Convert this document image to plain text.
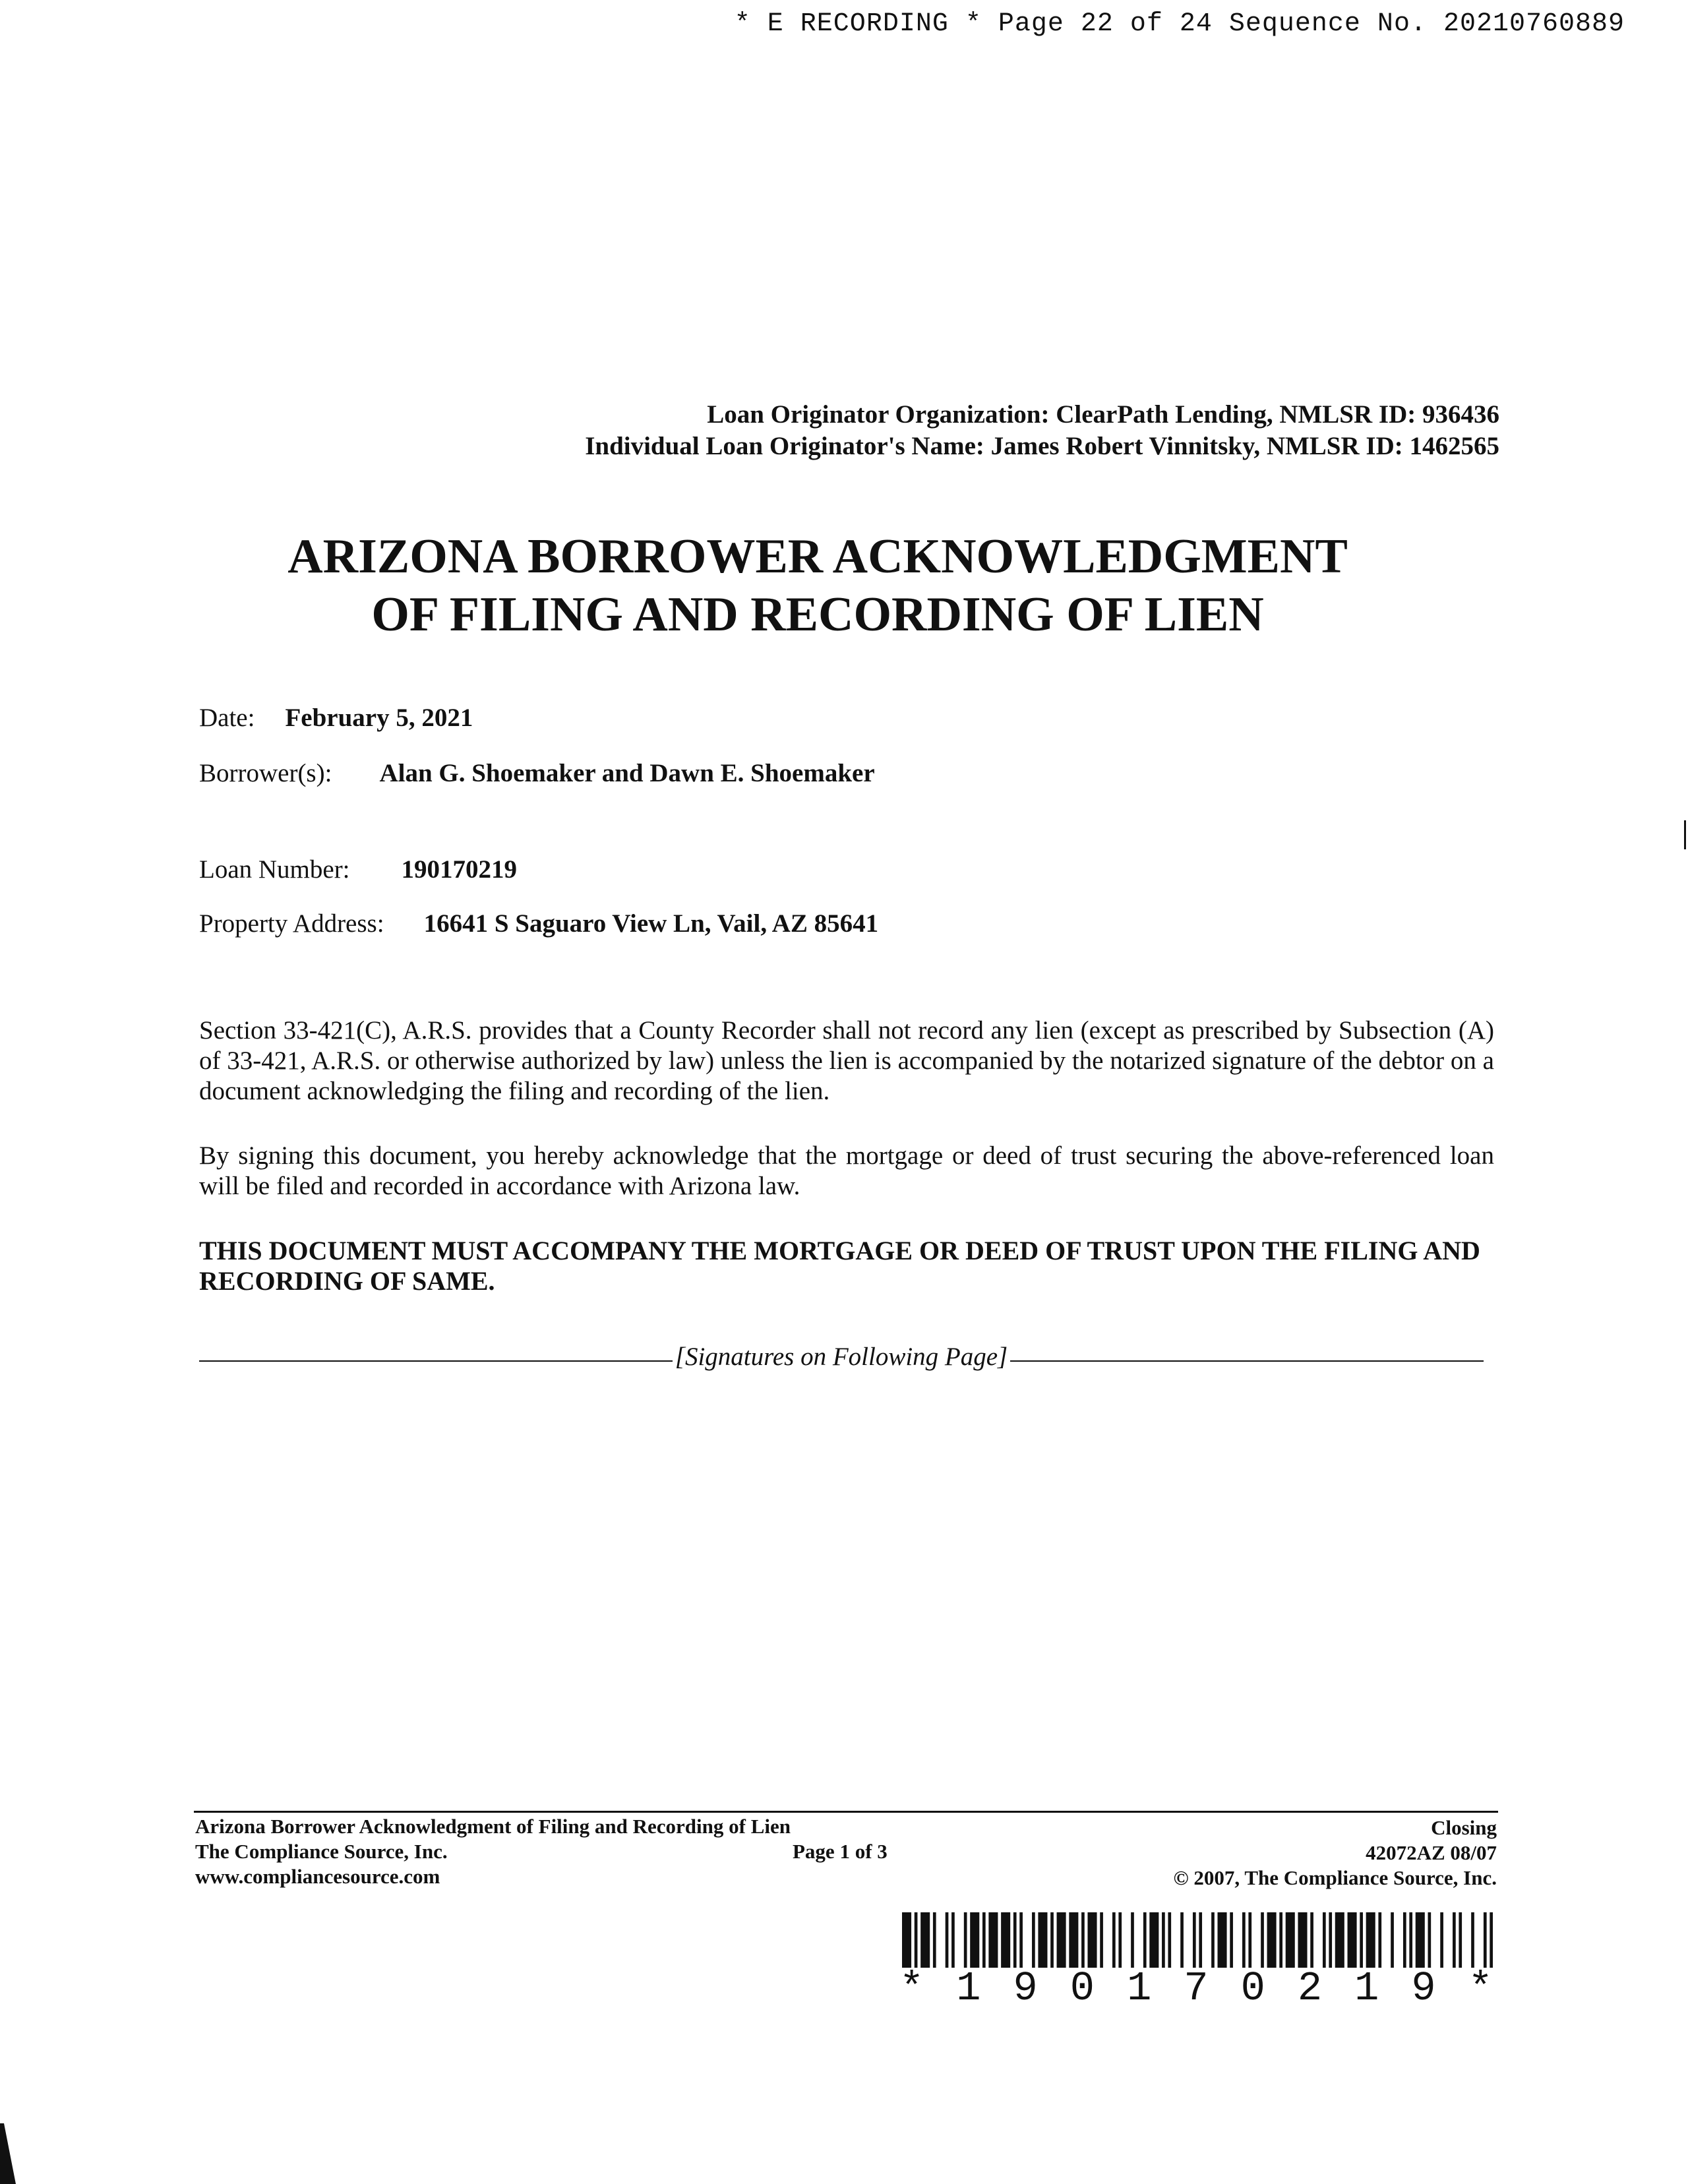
* E RECORDING * Page 22 of 24 Sequence No. 20210760889
Loan Originator Organization: ClearPath Lending, NMLSR ID: 936436
Individual Loan Originator's Name: James Robert Vinnitsky, NMLSR ID: 1462565
ARIZONA BORROWER ACKNOWLEDGMENT
OF FILING AND RECORDING OF LIEN
Date: February 5, 2021
Borrower(s): Alan G. Shoemaker and Dawn E. Shoemaker
Loan Number: 190170219
Property Address: 16641 S Saguaro View Ln, Vail, AZ 85641
Section 33-421(C), A.R.S. provides that a County Recorder shall not record any lien (except as prescribed by Subsection (A) of 33-421, A.R.S. or otherwise authorized by law) unless the lien is accompanied by the notarized signature of the debtor on a document acknowledging the filing and recording of the lien.
By signing this document, you hereby acknowledge that the mortgage or deed of trust securing the above-referenced loan will be filed and recorded in accordance with Arizona law.
THIS DOCUMENT MUST ACCOMPANY THE MORTGAGE OR DEED OF TRUST UPON THE FILING AND RECORDING OF SAME.
[Signatures on Following Page]
Arizona Borrower Acknowledgment of Filing and Recording of Lien
The Compliance Source, Inc.
www.compliancesource.com
Page 1 of 3
Closing
42072AZ 08/07
© 2007, The Compliance Source, Inc.
* 1 9 0 1 7 0 2 1 9 *
